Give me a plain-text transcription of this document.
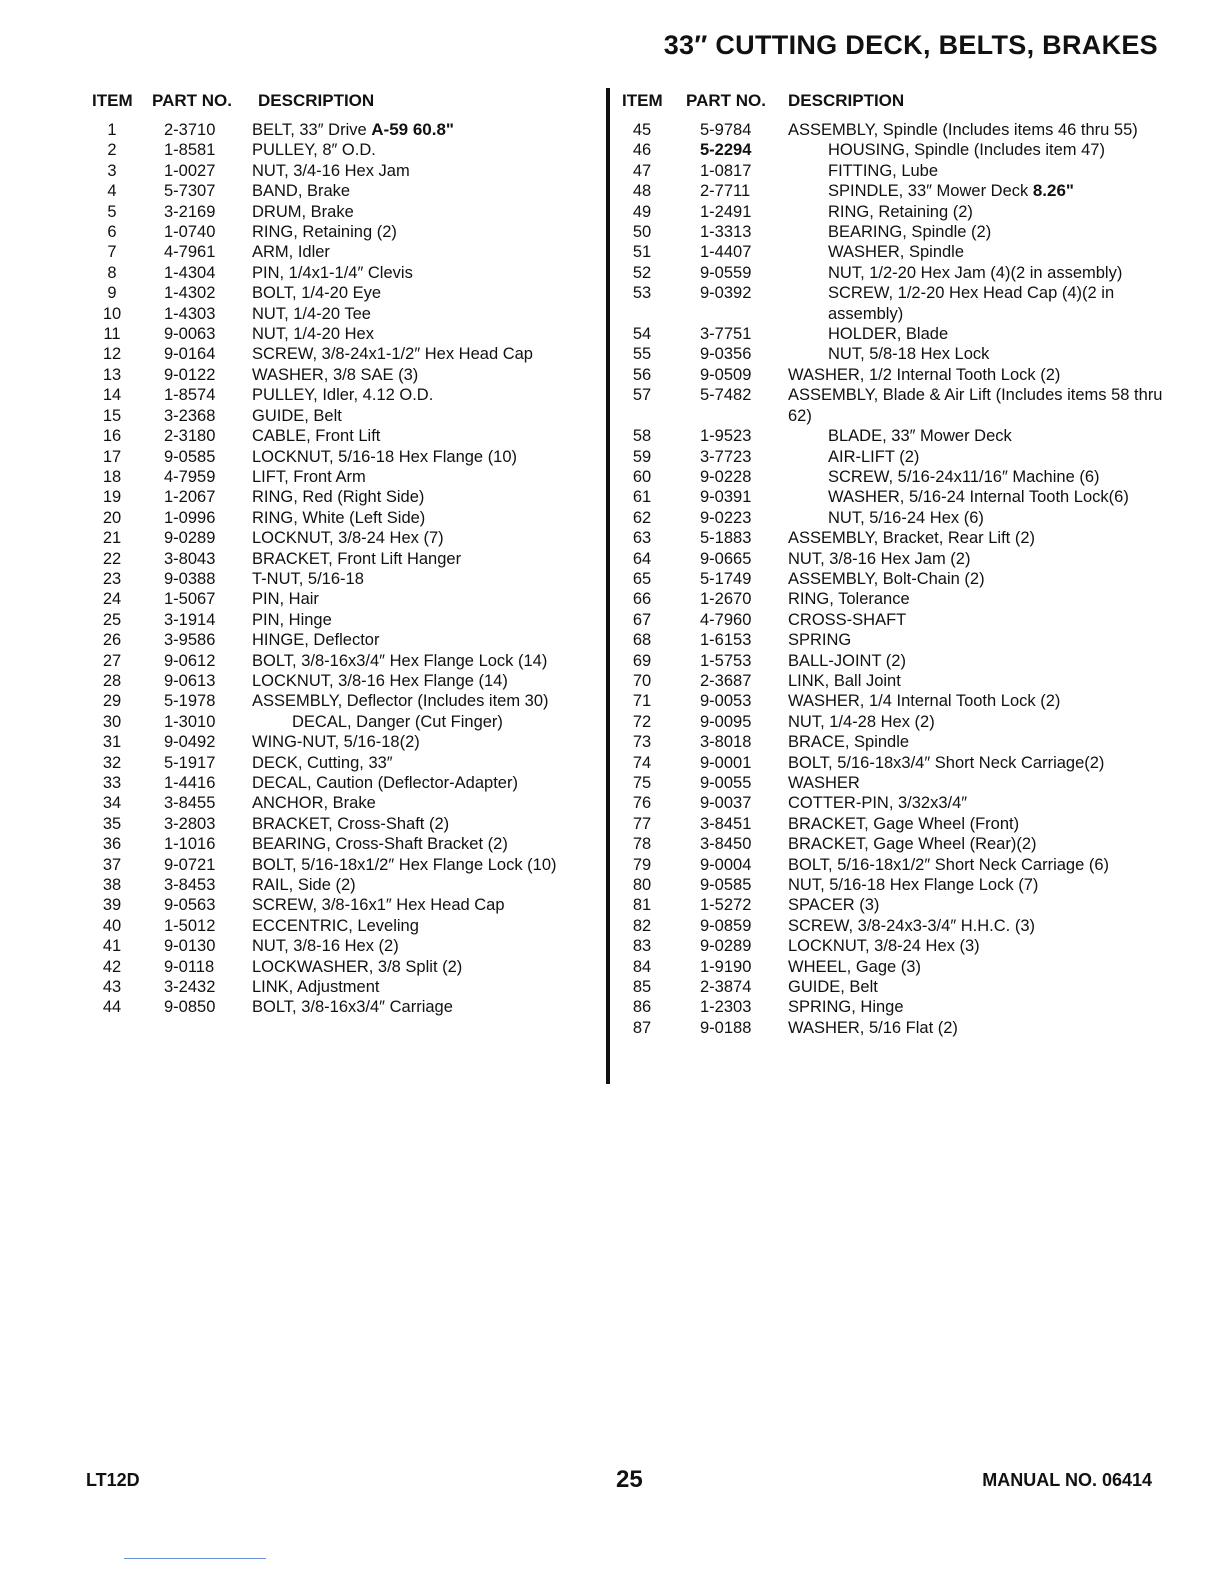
33″ CUTTING DECK, BELTS, BRAKES
ITEM	PART NO.	DESCRIPTION
1	2-3710	BELT, 33″ Drive A-59 60.8"
2	1-8581	PULLEY, 8″ O.D.
3	1-0027	NUT, 3/4-16 Hex Jam
4	5-7307	BAND, Brake
5	3-2169	DRUM, Brake
6	1-0740	RING, Retaining (2)
7	4-7961	ARM, Idler
8	1-4304	PIN, 1/4x1-1/4″ Clevis
9	1-4302	BOLT, 1/4-20 Eye
10	1-4303	NUT, 1/4-20 Tee
11	9-0063	NUT, 1/4-20 Hex
12	9-0164	SCREW, 3/8-24x1-1/2″ Hex Head Cap
13	9-0122	WASHER, 3/8 SAE (3)
14	1-8574	PULLEY, Idler, 4.12 O.D.
15	3-2368	GUIDE, Belt
16	2-3180	CABLE, Front Lift
17	9-0585	LOCKNUT, 5/16-18 Hex Flange (10)
18	4-7959	LIFT, Front Arm
19	1-2067	RING, Red (Right Side)
20	1-0996	RING, White (Left Side)
21	9-0289	LOCKNUT, 3/8-24 Hex (7)
22	3-8043	BRACKET, Front Lift Hanger
23	9-0388	T-NUT, 5/16-18
24	1-5067	PIN, Hair
25	3-1914	PIN, Hinge
26	3-9586	HINGE, Deflector
27	9-0612	BOLT, 3/8-16x3/4″ Hex Flange Lock (14)
28	9-0613	LOCKNUT, 3/8-16 Hex Flange (14)
29	5-1978	ASSEMBLY, Deflector (Includes item 30)
30	1-3010	DECAL, Danger (Cut Finger)
31	9-0492	WING-NUT, 5/16-18(2)
32	5-1917	DECK, Cutting, 33″
33	1-4416	DECAL, Caution (Deflector-Adapter)
34	3-8455	ANCHOR, Brake
35	3-2803	BRACKET, Cross-Shaft (2)
36	1-1016	BEARING, Cross-Shaft Bracket (2)
37	9-0721	BOLT, 5/16-18x1/2″ Hex Flange Lock (10)
38	3-8453	RAIL, Side (2)
39	9-0563	SCREW, 3/8-16x1″ Hex Head Cap
40	1-5012	ECCENTRIC, Leveling
41	9-0130	NUT, 3/8-16 Hex (2)
42	9-0118	LOCKWASHER, 3/8 Split (2)
43	3-2432	LINK, Adjustment
44	9-0850	BOLT, 3/8-16x3/4″ Carriage
ITEM	PART NO.	DESCRIPTION
45	5-9784	ASSEMBLY, Spindle (Includes items 46 thru 55)
46	5-2294	HOUSING, Spindle (Includes item 47)
47	1-0817	FITTING, Lube
48	2-7711	SPINDLE, 33″ Mower Deck 8.26"
49	1-2491	RING, Retaining (2)
50	1-3313	BEARING, Spindle (2)
51	1-4407	WASHER, Spindle
52	9-0559	NUT, 1/2-20 Hex Jam (4)(2 in assembly)
53	9-0392	SCREW, 1/2-20 Hex Head Cap (4)(2 in assembly)
54	3-7751	HOLDER, Blade
55	9-0356	NUT, 5/8-18 Hex Lock
56	9-0509	WASHER, 1/2 Internal Tooth Lock (2)
57	5-7482	ASSEMBLY, Blade & Air Lift (Includes items 58 thru 62)
58	1-9523	BLADE, 33″ Mower Deck
59	3-7723	AIR-LIFT (2)
60	9-0228	SCREW, 5/16-24x11/16″ Machine (6)
61	9-0391	WASHER, 5/16-24 Internal Tooth Lock(6)
62	9-0223	NUT, 5/16-24 Hex (6)
63	5-1883	ASSEMBLY, Bracket, Rear Lift (2)
64	9-0665	NUT, 3/8-16 Hex Jam (2)
65	5-1749	ASSEMBLY, Bolt-Chain (2)
66	1-2670	RING, Tolerance
67	4-7960	CROSS-SHAFT
68	1-6153	SPRING
69	1-5753	BALL-JOINT (2)
70	2-3687	LINK, Ball Joint
71	9-0053	WASHER, 1/4 Internal Tooth Lock (2)
72	9-0095	NUT, 1/4-28 Hex (2)
73	3-8018	BRACE, Spindle
74	9-0001	BOLT, 5/16-18x3/4″ Short Neck Carriage(2)
75	9-0055	WASHER
76	9-0037	COTTER-PIN, 3/32x3/4″
77	3-8451	BRACKET, Gage Wheel (Front)
78	3-8450	BRACKET, Gage Wheel (Rear)(2)
79	9-0004	BOLT, 5/16-18x1/2″ Short Neck Carriage (6)
80	9-0585	NUT, 5/16-18 Hex Flange Lock (7)
81	1-5272	SPACER (3)
82	9-0859	SCREW, 3/8-24x3-3/4″ H.H.C. (3)
83	9-0289	LOCKNUT, 3/8-24 Hex (3)
84	1-9190	WHEEL, Gage (3)
85	2-3874	GUIDE, Belt
86	1-2303	SPRING, Hinge
87	9-0188	WASHER, 5/16 Flat (2)
LT12D	25	MANUAL NO. 06414
